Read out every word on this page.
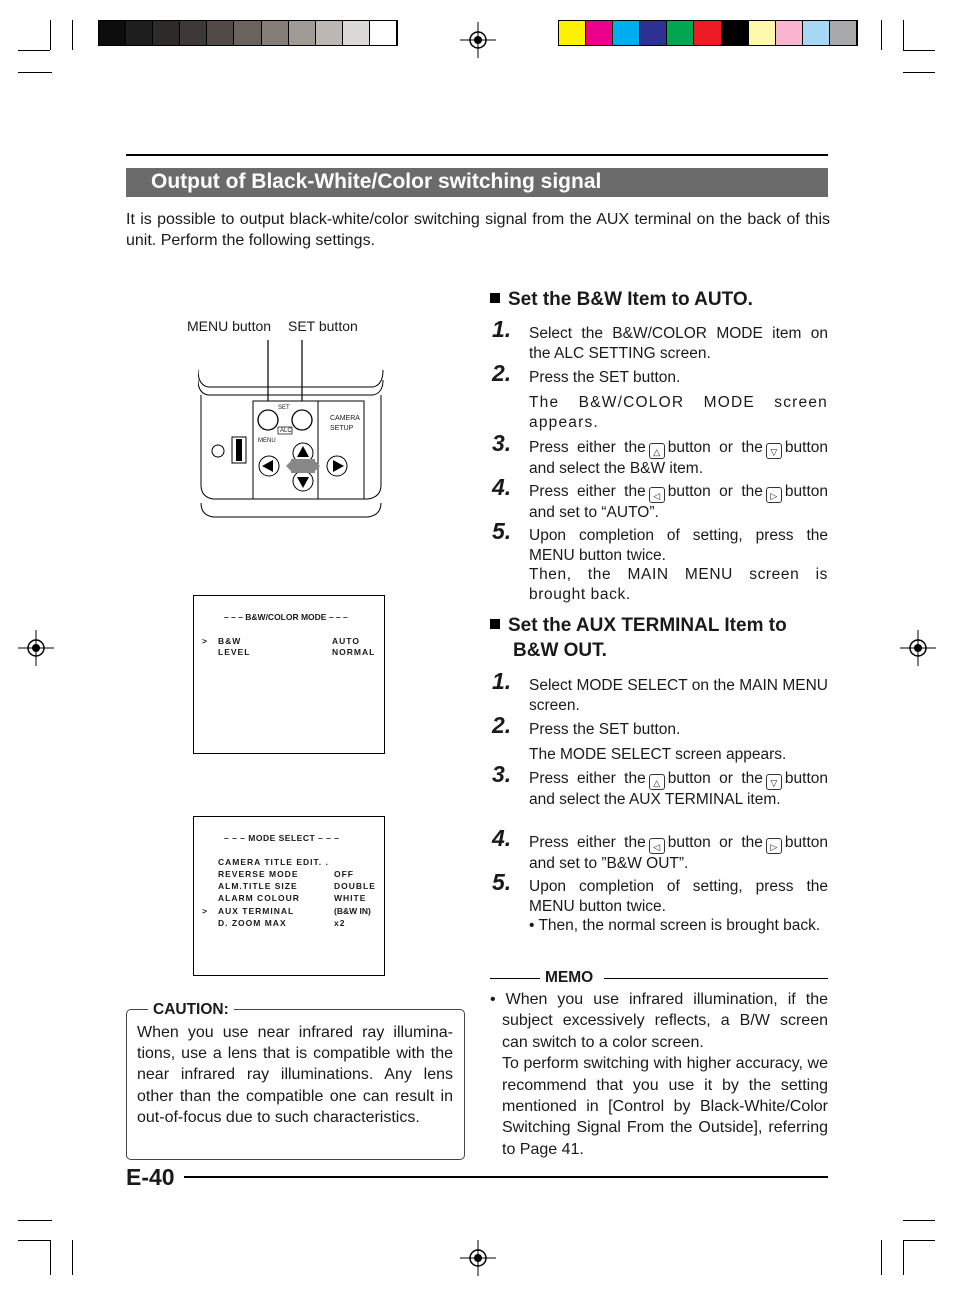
Output of Black-White/Color switching signal
It is possible to output black-white/color switching signal from the AUX terminal on the back of this unit. Perform the following settings.
MENU button SET button
SET
ALC
MENU
CAMERA
SETUP
– – – B&W/COLOR MODE – – –
>	B&W	AUTO
LEVEL	NORMAL
– – – MODE SELECT – – –
CAMERA TITLE EDIT. .
REVERSE MODE	OFF
ALM.TITLE SIZE	DOUBLE
ALARM COLOUR	WHITE
>	AUX TERMINAL	(B&W IN)
D. ZOOM MAX	x2
Set the B&W Item to AUTO.
1. Select the B&W/COLOR MODE item on the ALC SETTING screen.
2. Press the SET button.
The B&W/COLOR MODE screen appears.
3. Press either the △ button or the ▽ button and select the B&W item.
4. Press either the ◁ button or the ▷ button and set to “AUTO”.
5. Upon completion of setting, press the MENU button twice.
Then, the MAIN MENU screen is brought back.
Set the AUX TERMINAL Item to
B&W OUT.
1. Select MODE SELECT on the MAIN MENU screen.
2. Press the SET button.
The MODE SELECT screen appears.
3. Press either the △ button or the ▽ button and select the AUX TERMINAL item.
4. Press either the ◁ button or the ▷ button and set to ”B&W OUT”.
5. Upon completion of setting, press the MENU button twice.
• Then, the normal screen is brought back.
MEMO
• When you use infrared illumination, if the subject excessively reflects, a B/W screen can switch to a color screen.
To perform switching with higher accuracy, we recommend that you use it by the setting mentioned in [Control by Black-White/Color Switching Signal From the Outside], referring to Page 41.
CAUTION:
When you use near infrared ray illumina-tions, use a lens that is compatible with the near infrared ray illuminations. Any lens other than the compatible one can result in out-of-focus due to such characteristics.
E-40
